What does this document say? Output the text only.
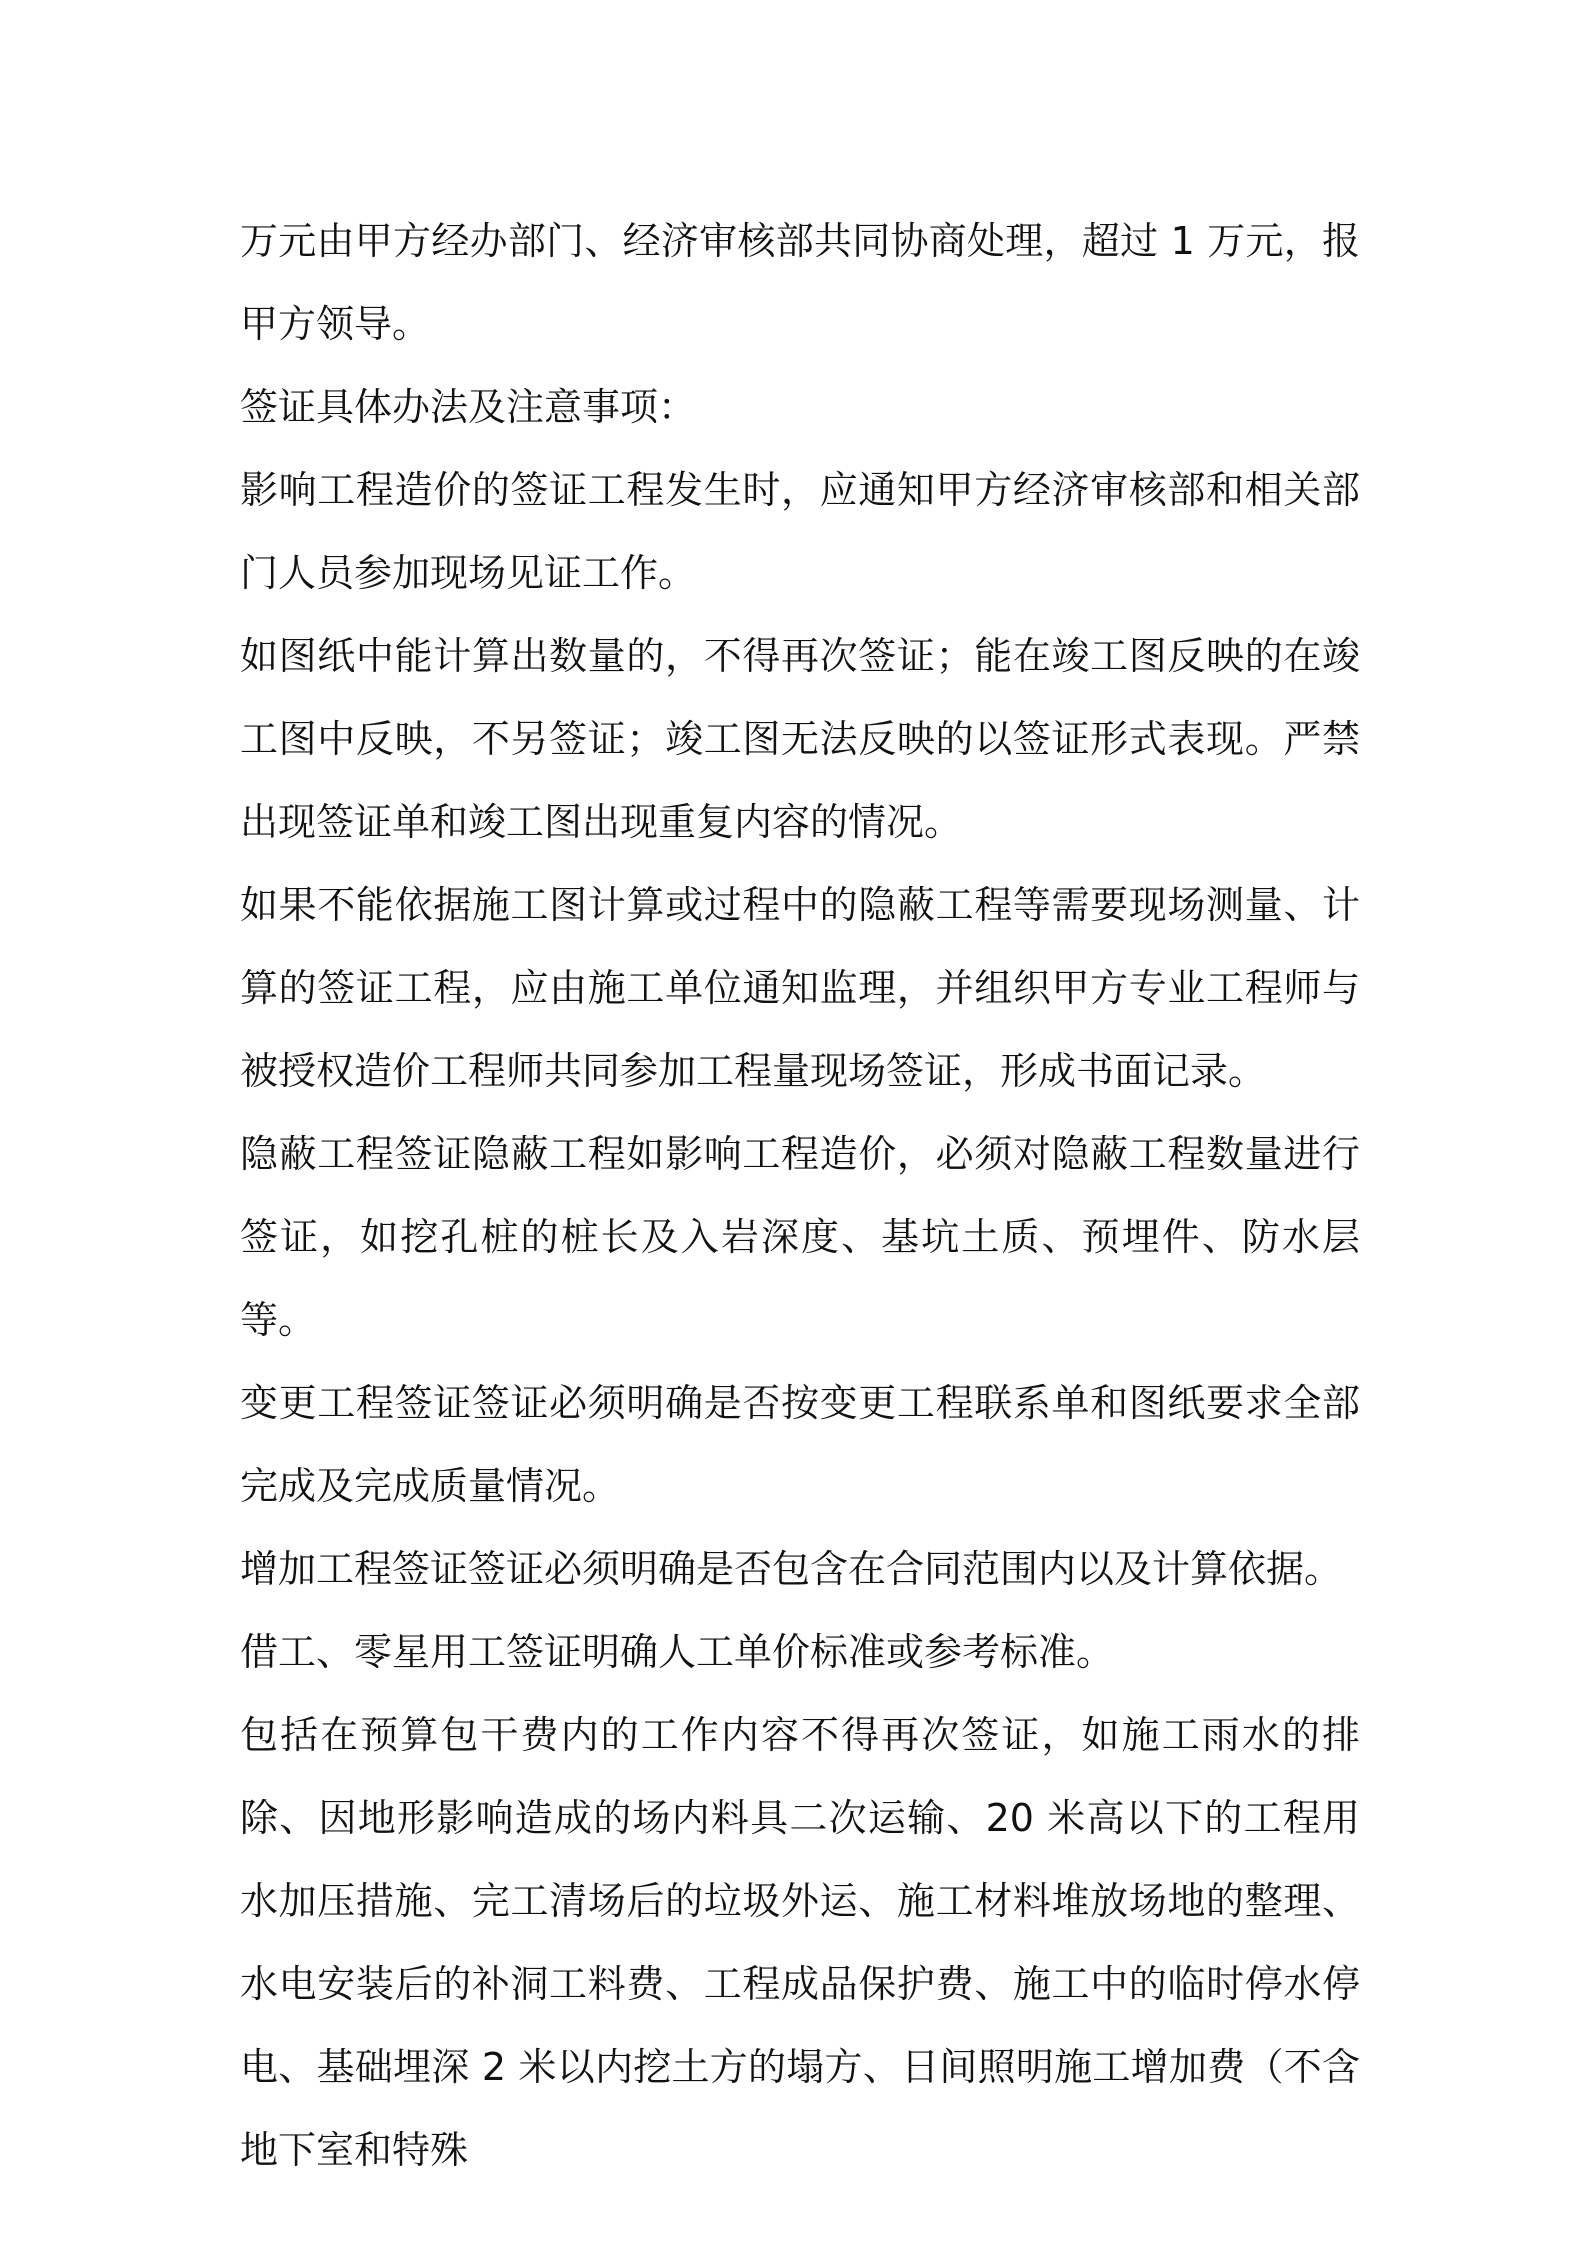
万元由甲方经办部门、经济审核部共同协商处理，超过 1 万元，报甲方领导。

签证具体办法及注意事项：

影响工程造价的签证工程发生时，应通知甲方经济审核部和相关部门人员参加现场见证工作。

如图纸中能计算出数量的，不得再次签证；能在竣工图反映的在竣工图中反映，不另签证；竣工图无法反映的以签证形式表现。严禁出现签证单和竣工图出现重复内容的情况。

如果不能依据施工图计算或过程中的隐蔽工程等需要现场测量、计算的签证工程，应由施工单位通知监理，并组织甲方专业工程师与被授权造价工程师共同参加工程量现场签证，形成书面记录。

隐蔽工程签证隐蔽工程如影响工程造价，必须对隐蔽工程数量进行签证，如挖孔桩的桩长及入岩深度、基坑土质、预埋件、防水层等。

变更工程签证签证必须明确是否按变更工程联系单和图纸要求全部完成及完成质量情况。

增加工程签证签证必须明确是否包含在合同范围内以及计算依据。

借工、零星用工签证明确人工单价标准或参考标准。

包括在预算包干费内的工作内容不得再次签证，如施工雨水的排除、因地形影响造成的场内料具二次运输、20 米高以下的工程用水加压措施、完工清场后的垃圾外运、施工材料堆放场地的整理、水电安装后的补洞工料费、工程成品保护费、施工中的临时停水停电、基础埋深 2 米以内挖土方的塌方、日间照明施工增加费（不含地下室和特殊
